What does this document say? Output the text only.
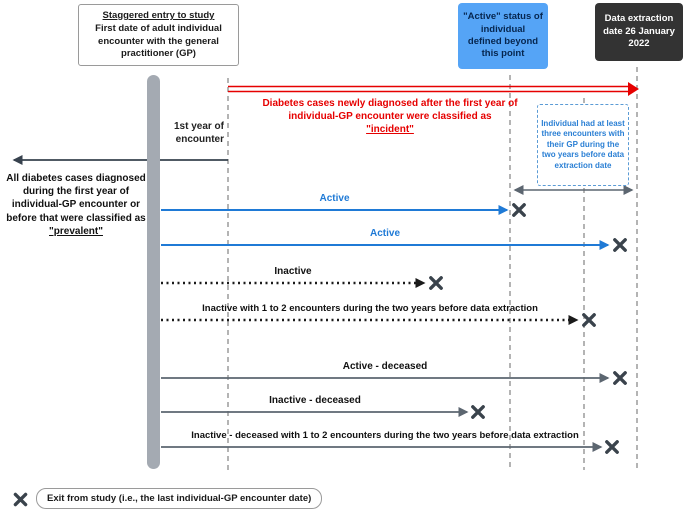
Staggered entry to study
First date of adult individual encounter with the general practitioner (GP)
"Active" status of individual defined beyond this point
Data extraction date 26 January 2022
Individual had at least three encounters with their GP during the two years before data extraction date
Diabetes cases newly diagnosed after the first year of individual-GP encounter were classified as
"incident"
1st year of encounter
All diabetes cases diagnosed during the first year of individual-GP encounter or before that were classified as
"prevalent"
Active
Active
Inactive
Inactive with 1 to 2 encounters during the two years before data extraction
Active - deceased
Inactive - deceased
Inactive - deceased with 1 to 2 encounters during the two years before data extraction
Exit from study (i.e., the last individual-GP encounter date)
